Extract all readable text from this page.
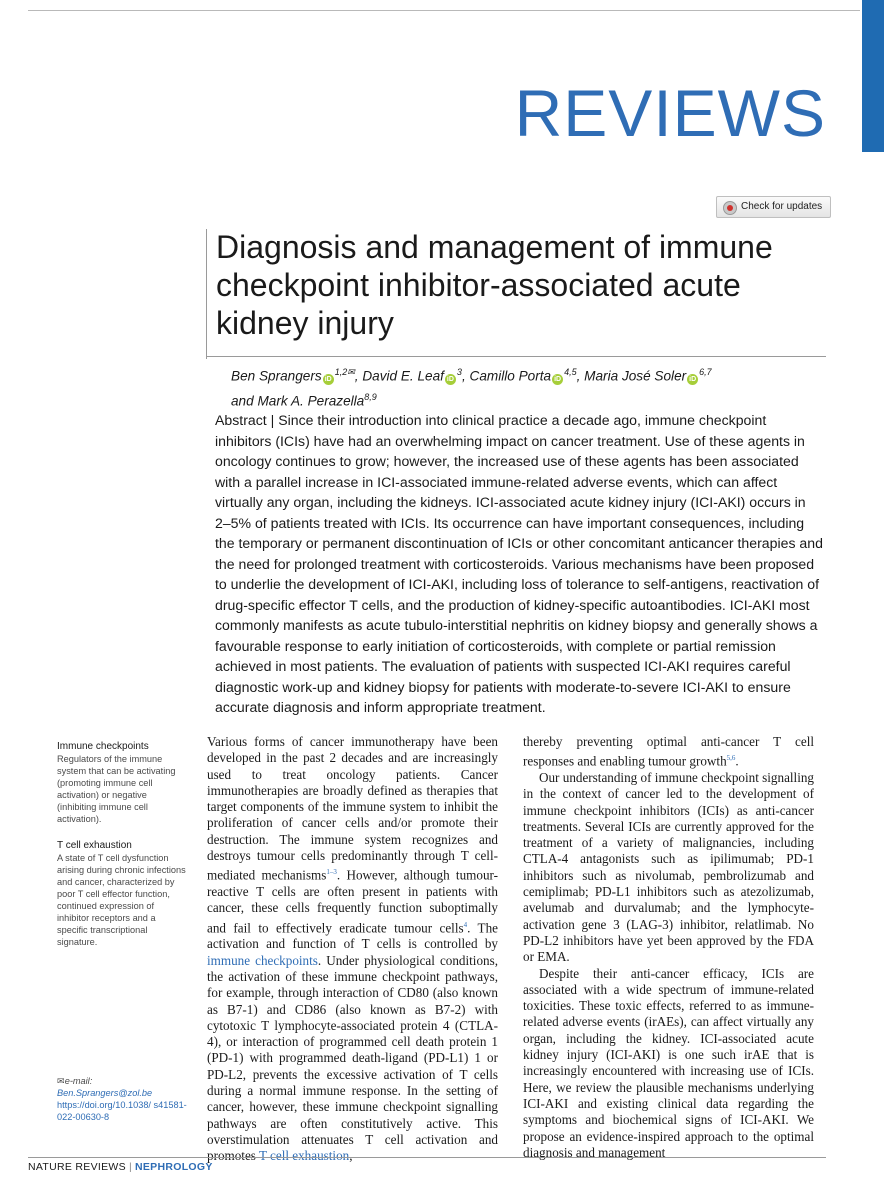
REVIEWS
Check for updates
Diagnosis and management of immune checkpoint inhibitor-associated acute kidney injury
Ben Sprangers $iD^{1,2✉}$, David E. Leaf $iD^3$, Camillo Porta iD$^{4,5}$, Maria José Soler iD$^{6,7}$
and Mark A. Perazella$^{8,9}$
Abstract | Since their introduction into clinical practice a decade ago, immune checkpoint inhibitors (ICIs) have had an overwhelming impact on cancer treatment. Use of these agents in oncology continues to grow; however, the increased use of these agents has been associated with a parallel increase in ICI-associated immune-related adverse events, which can affect virtually any organ, including the kidneys. ICI-associated acute kidney injury (ICI-AKI) occurs in 2–5% of patients treated with ICIs. Its occurrence can have important consequences, including the temporary or permanent discontinuation of ICIs or other concomitant anticancer therapies and the need for prolonged treatment with corticosteroids. Various mechanisms have been proposed to underlie the development of ICI-AKI, including loss of tolerance to self-antigens, reactivation of drug-specific effector T cells, and the production of kidney-specific autoantibodies. ICI-AKI most commonly manifests as acute tubulo-interstitial nephritis on kidney biopsy and generally shows a favourable response to early initiation of corticosteroids, with complete or partial remission achieved in most patients. The evaluation of patients with suspected ICI-AKI requires careful diagnostic work-up and kidney biopsy for patients with moderate-to-severe ICI-AKI to ensure accurate diagnosis and inform appropriate treatment.
Immune checkpoints
Regulators of the immune system that can be activating (promoting immune cell activation) or negative (inhibiting immune cell activation).
T cell exhaustion
A state of T cell dysfunction arising during chronic infections and cancer, characterized by poor T cell effector function, continued expression of inhibitor receptors and a specific transcriptional signature.
✉e-mail:
Ben.Sprangers@zol.be
https://doi.org/10.1038/ s41581-022-00630-8

Various forms of cancer immunotherapy have been developed in the past 2 decades and are increasingly used to treat oncology patients. Cancer immunotherapies are broadly defined as therapies that target components of the immune system to inhibit the proliferation of cancer cells and/or promote their destruction. The immune system recognizes and destroys tumour cells predominantly through T cell-mediated mechanisms$^{1-3}$. However, although tumour-reactive T cells are often present in patients with cancer, these cells frequently function suboptimally and fail to effectively eradicate tumour cells$^4$. The activation and function of T cells is controlled by immune checkpoints. Under physiological conditions, the activation of these immune checkpoint pathways, for example, through interaction of CD80 (also known as B7-1) and CD86 (also known as B7-2) with cytotoxic T lymphocyte-associated protein 4 (CTLA-4), or interaction of programmed cell death protein 1 (PD-1) with programmed death-ligand (PD-L1) 1 or PD-L2, prevents the excessive activation of T cells during a normal immune response. In the setting of cancer, however, these immune checkpoint signalling pathways are often constitutively active. This overstimulation attenuates T cell activation and promotes T cell exhaustion,

thereby preventing optimal anti-cancer T cell responses and enabling tumour growth$^{5,6}$.

Our understanding of immune checkpoint signalling in the context of cancer led to the development of immune checkpoint inhibitors (ICIs) as anti-cancer treatments. Several ICIs are currently approved for the treatment of a variety of malignancies, including CTLA-4 antagonists such as ipilimumab; PD-1 inhibitors such as nivolumab, pembrolizumab and cemiplimab; PD-L1 inhibitors such as atezolizumab, avelumab and durvalumab; and the lymphocyte-activation gene 3 (LAG-3) inhibitor, relatlimab. No PD-L2 inhibitors have yet been approved by the FDA or EMA.

Despite their anti-cancer efficacy, ICIs are associated with a wide spectrum of immune-related toxicities. These toxic effects, referred to as immune-related adverse events (irAEs), can affect virtually any organ, including the kidney. ICI-associated acute kidney injury (ICI-AKI) is one such irAE that is increasingly encountered with increasing use of ICIs. Here, we review the plausible mechanisms underlying ICI-AKI and existing clinical data regarding the symptoms and biochemical signs of ICI-AKI. We propose an evidence-inspired approach to the optimal diagnosis and management

NATURE REVIEWS | NEPHROLOGY
